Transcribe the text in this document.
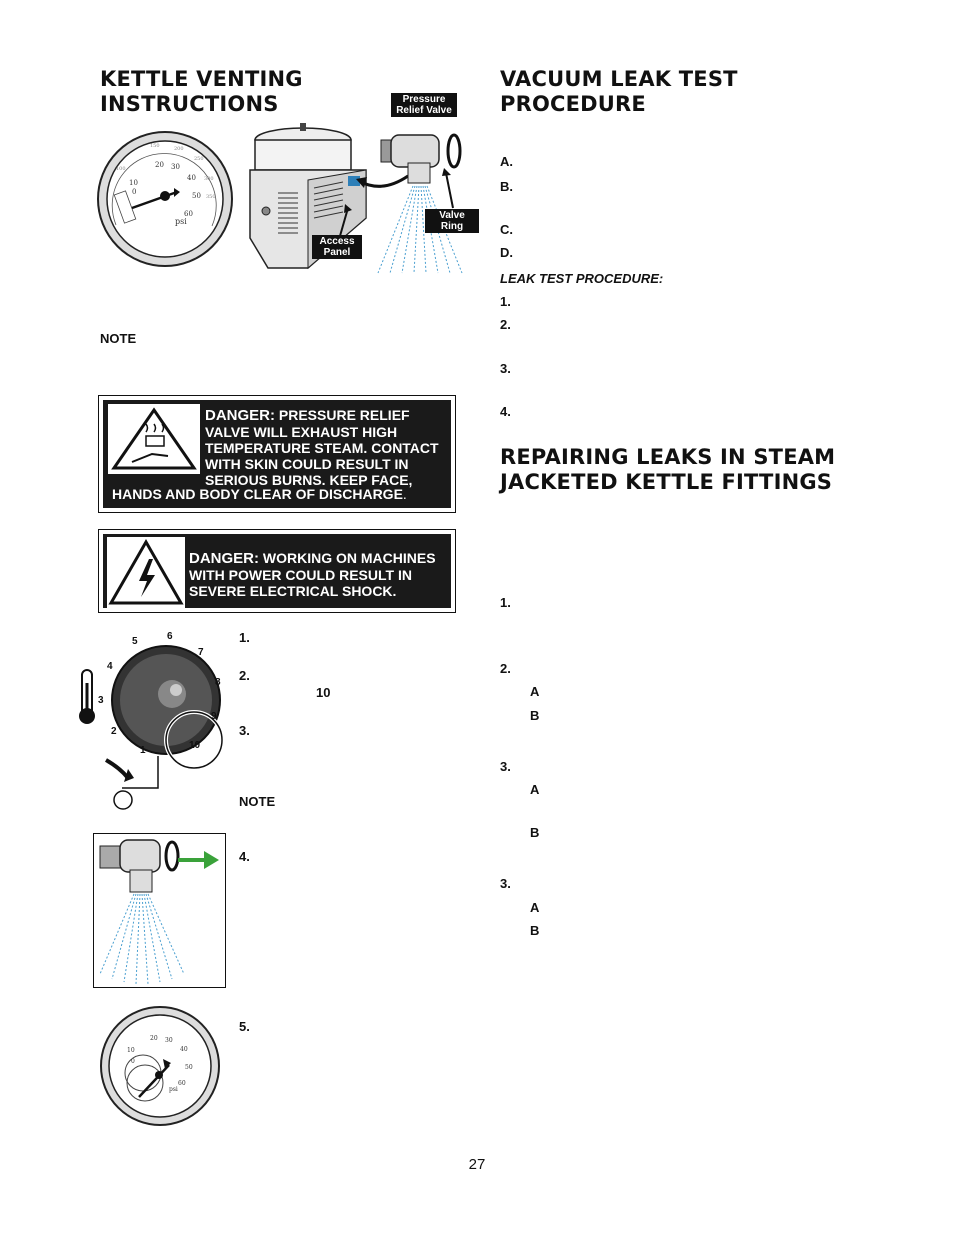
KETTLE VENTING
INSTRUCTIONS
10
20 30
40
50
60
0
psi
150	200
250
300
100
350
Pressure
Relief Valve
Valve
Ring
Access
Panel
NOTE
DANGER: PRESSURE RELIEF
VALVE WILL EXHAUST HIGH
TEMPERATURE STEAM. CONTACT
WITH SKIN COULD RESULT IN
SERIOUS BURNS. KEEP FACE,
HANDS AND BODY CLEAR OF DISCHARGE.
DANGER: WORKING ON MACHINES
WITH POWER COULD RESULT IN
SEVERE ELECTRICAL SHOCK.
1
2
3
4
5	6
7
8
9
10
1.
2.
10
3.
NOTE
4.
10
20 30
40
50
60
0
psi
5.
VACUUM LEAK TEST
PROCEDURE
A.
B.
C.
D.
LEAK TEST PROCEDURE:
1.
2.
3.
4.
REPAIRING LEAKS IN STEAM
JACKETED KETTLE FITTINGS
1.
2.
A
B
3.
A
B
3.
A
B
27
